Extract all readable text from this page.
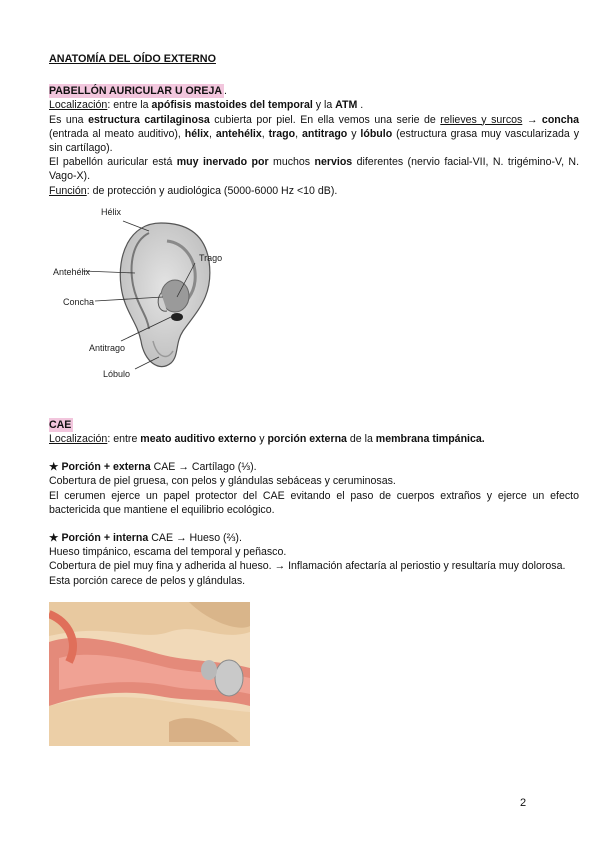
ANATOMÍA DEL OÍDO EXTERNO

PABELLÓN AURICULAR U OREJA .

Localización: entre la apófisis mastoides del temporal y la ATM .

Es una estructura cartilaginosa cubierta por piel. En ella vemos una serie de relieves y surcos → concha (entrada al meato auditivo), hélix, antehélix, trago, antitrago y lóbulo (estructura grasa muy vascularizada y sin cartílago).

El pabellón auricular está muy inervado por muchos nervios diferentes (nervio facial-VII, N. trigémino-V, N. Vago-X).

Función: de protección y audiológica (5000-6000 Hz <10 dB).

Hélix
Antehélix
Concha
Trago
Antitrago
Lóbulo
CAE

Localización: entre meato auditivo externo y porción externa de la membrana timpánica.

★ Porción + externa CAE → Cartílago (⅓).

Cobertura de piel gruesa, con pelos y glándulas sebáceas y ceruminosas.

El cerumen ejerce un papel protector del CAE evitando el paso de cuerpos extraños y ejerce un efecto bactericida que mantiene el equilibrio ecológico.

★ Porción + interna CAE → Hueso (⅔).

Hueso timpánico, escama del temporal y peñasco.

Cobertura de piel muy fina y adherida al hueso. → Inflamación afectaría al periostio y resultaría muy dolorosa.

Esta porción carece de pelos y glándulas.

2
